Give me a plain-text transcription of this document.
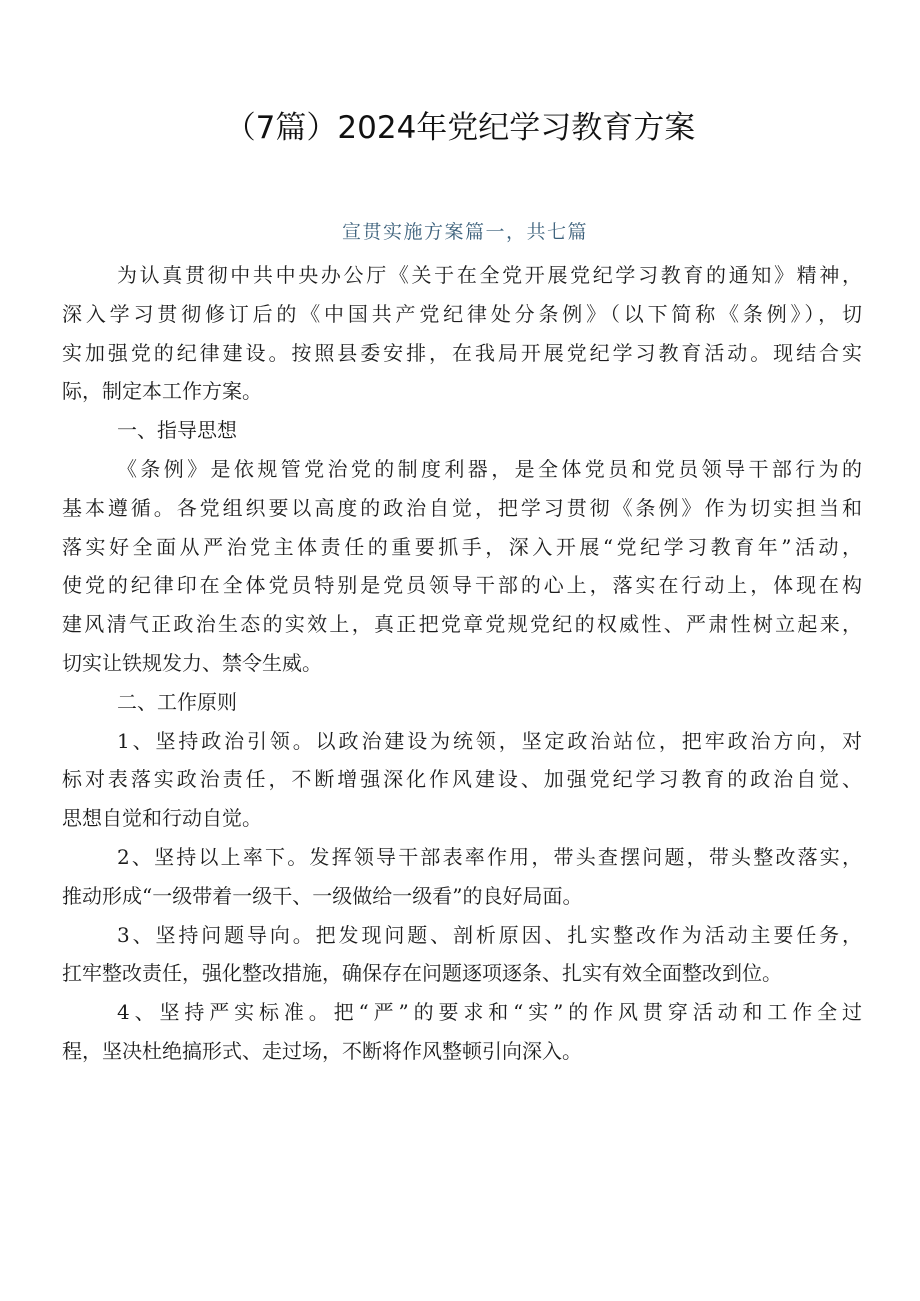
（7篇）2024年党纪学习教育方案
宣贯实施方案篇一，共七篇
为认真贯彻中共中央办公厅《关于在全党开展党纪学习教育的通知》精神，
深入学习贯彻修订后的《中国共产党纪律处分条例》（以下简称《条例》），切
实加强党的纪律建设。按照县委安排，在我局开展党纪学习教育活动。现结合实
际，制定本工作方案。
一、指导思想
《条例》是依规管党治党的制度利器，是全体党员和党员领导干部行为的
基本遵循。各党组织要以高度的政治自觉，把学习贯彻《条例》作为切实担当和
落实好全面从严治党主体责任的重要抓手，深入开展“党纪学习教育年”活动，
使党的纪律印在全体党员特别是党员领导干部的心上，落实在行动上，体现在构
建风清气正政治生态的实效上，真正把党章党规党纪的权威性、严肃性树立起来，
切实让铁规发力、禁令生威。
二、工作原则
1、坚持政治引领。以政治建设为统领，坚定政治站位，把牢政治方向，对
标对表落实政治责任，不断增强深化作风建设、加强党纪学习教育的政治自觉、
思想自觉和行动自觉。
2、坚持以上率下。发挥领导干部表率作用，带头查摆问题，带头整改落实，
推动形成“一级带着一级干、一级做给一级看”的良好局面。
3、坚持问题导向。把发现问题、剖析原因、扎实整改作为活动主要任务，
扛牢整改责任，强化整改措施，确保存在问题逐项逐条、扎实有效全面整改到位。
4、坚持严实标准。把“严”的要求和“实”的作风贯穿活动和工作全过
程，坚决杜绝搞形式、走过场，不断将作风整顿引向深入。
